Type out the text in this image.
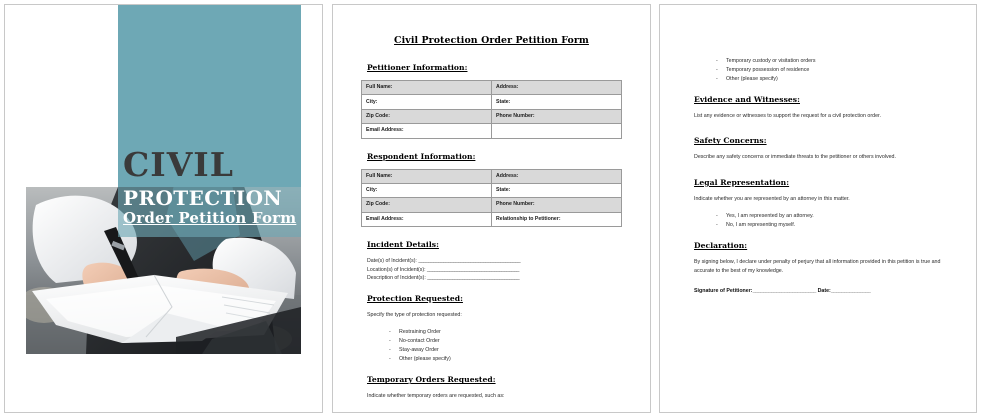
CIVIL
PROTECTION
Order Petition Form
Civil Protection Order Petition Form
Petitioner Information:
Full Name:	Address:
City:	State:
Zip Code:	Phone Number:
Email Address:	
Respondent Information:
Full Name:	Address:
City:	State:
Zip Code:	Phone Number:
Email Address:	Relationship to Petitioner:
Incident Details:
Date(s) of Incident(s): _________________________________________
Location(s) of Incident(s): _____________________________________
Description of Incident(s): _____________________________________
Protection Requested:
Specify the type of protection requested:
- Restraining Order
- No-contact Order
- Stay-away Order
- Other (please specify)
Temporary Orders Requested:
Indicate whether temporary orders are requested, such as:
- Temporary custody or visitation orders
- Temporary possession of residence
- Other (please specify)
Evidence and Witnesses:
List any evidence or witnesses to support the request for a civil protection order.
Safety Concerns:
Describe any safety concerns or immediate threats to the petitioner or others involved.
Legal Representation:
Indicate whether you are represented by an attorney in this matter.
- Yes, I am represented by an attorney.
- No, I am representing myself.
Declaration:
By signing below, I declare under penalty of perjury that all information provided in this petition is true and accurate to the best of my knowledge.
Signature of Petitioner:________________________ Date:_______________
